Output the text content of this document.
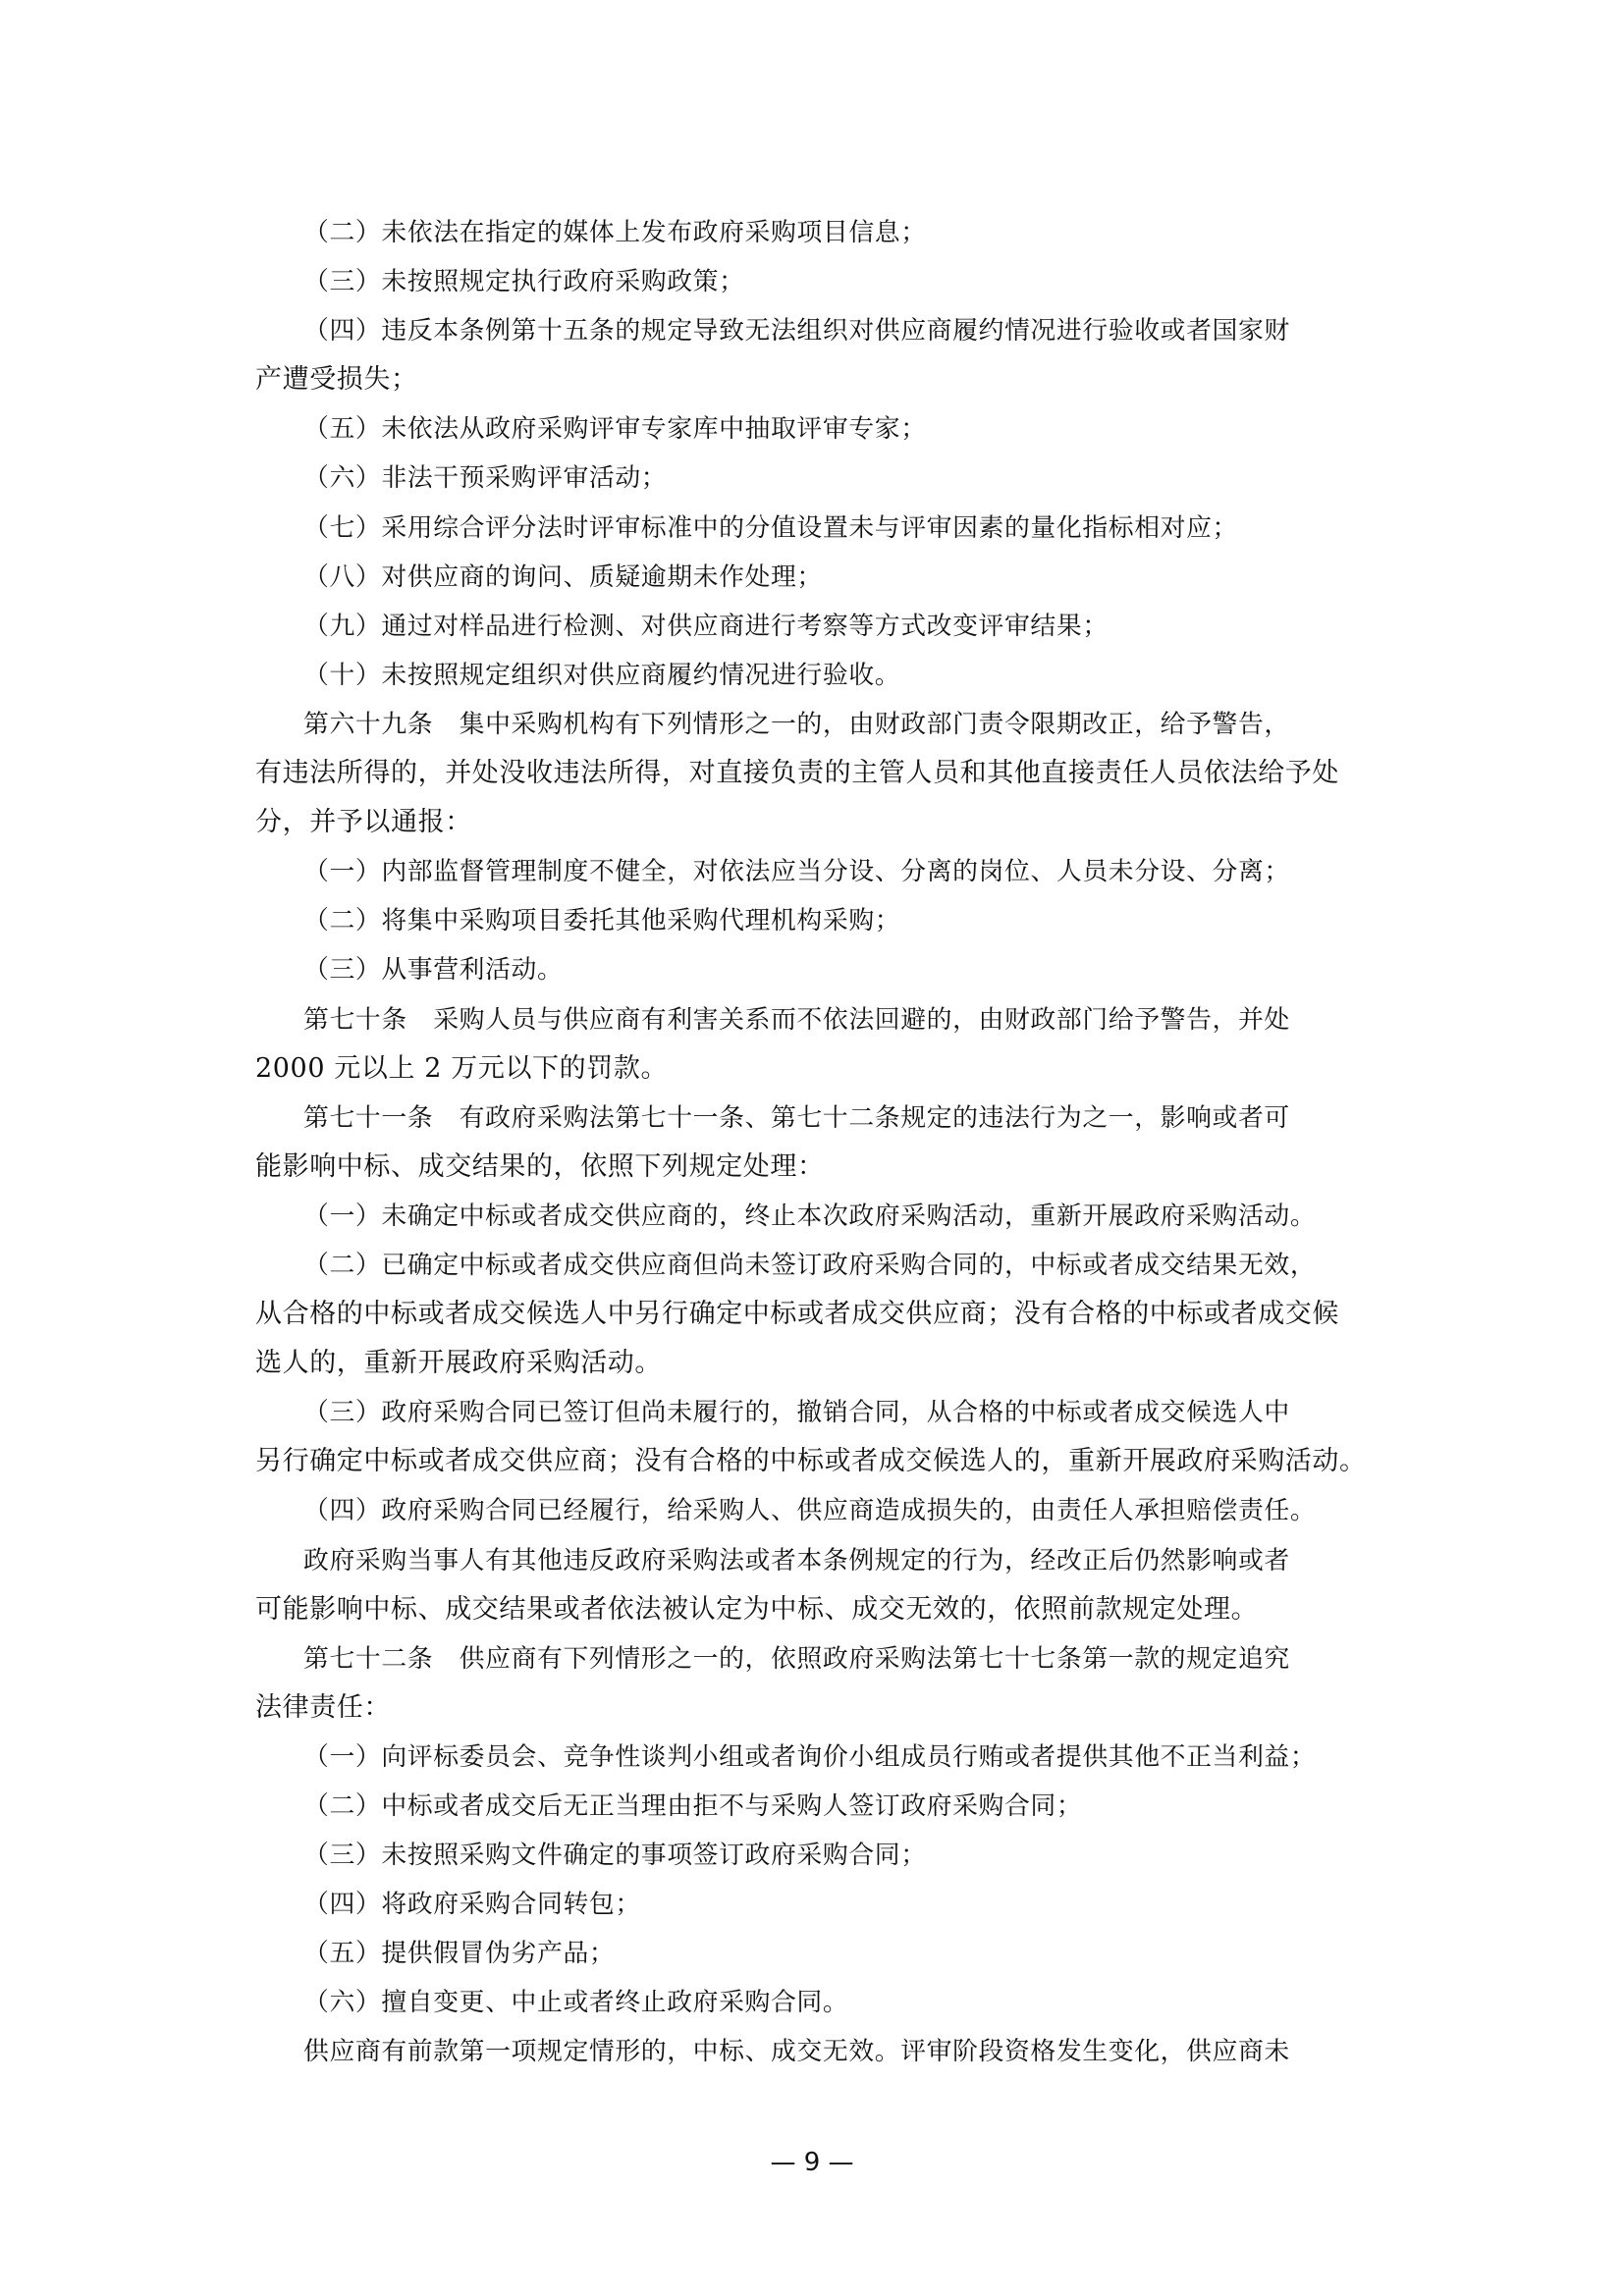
（二）未依法在指定的媒体上发布政府采购项目信息；
（三）未按照规定执行政府采购政策；
（四）违反本条例第十五条的规定导致无法组织对供应商履约情况进行验收或者国家财
产遭受损失；
（五）未依法从政府采购评审专家库中抽取评审专家；
（六）非法干预采购评审活动；
（七）采用综合评分法时评审标准中的分值设置未与评审因素的量化指标相对应；
（八）对供应商的询问、质疑逾期未作处理；
（九）通过对样品进行检测、对供应商进行考察等方式改变评审结果；
（十）未按照规定组织对供应商履约情况进行验收。
第六十九条　集中采购机构有下列情形之一的，由财政部门责令限期改正，给予警告，
有违法所得的，并处没收违法所得，对直接负责的主管人员和其他直接责任人员依法给予处
分，并予以通报：
（一）内部监督管理制度不健全，对依法应当分设、分离的岗位、人员未分设、分离；
（二）将集中采购项目委托其他采购代理机构采购；
（三）从事营利活动。
第七十条　采购人员与供应商有利害关系而不依法回避的，由财政部门给予警告，并处
2000 元以上 2 万元以下的罚款。
第七十一条　有政府采购法第七十一条、第七十二条规定的违法行为之一，影响或者可
能影响中标、成交结果的，依照下列规定处理：
（一）未确定中标或者成交供应商的，终止本次政府采购活动，重新开展政府采购活动。
（二）已确定中标或者成交供应商但尚未签订政府采购合同的，中标或者成交结果无效，
从合格的中标或者成交候选人中另行确定中标或者成交供应商；没有合格的中标或者成交候
选人的，重新开展政府采购活动。
（三）政府采购合同已签订但尚未履行的，撤销合同，从合格的中标或者成交候选人中
另行确定中标或者成交供应商；没有合格的中标或者成交候选人的，重新开展政府采购活动。
（四）政府采购合同已经履行，给采购人、供应商造成损失的，由责任人承担赔偿责任。
政府采购当事人有其他违反政府采购法或者本条例规定的行为，经改正后仍然影响或者
可能影响中标、成交结果或者依法被认定为中标、成交无效的，依照前款规定处理。
第七十二条　供应商有下列情形之一的，依照政府采购法第七十七条第一款的规定追究
法律责任：
（一）向评标委员会、竞争性谈判小组或者询价小组成员行贿或者提供其他不正当利益；
（二）中标或者成交后无正当理由拒不与采购人签订政府采购合同；
（三）未按照采购文件确定的事项签订政府采购合同；
（四）将政府采购合同转包；
（五）提供假冒伪劣产品；
（六）擅自变更、中止或者终止政府采购合同。
供应商有前款第一项规定情形的，中标、成交无效。评审阶段资格发生变化，供应商未
— 9 —
